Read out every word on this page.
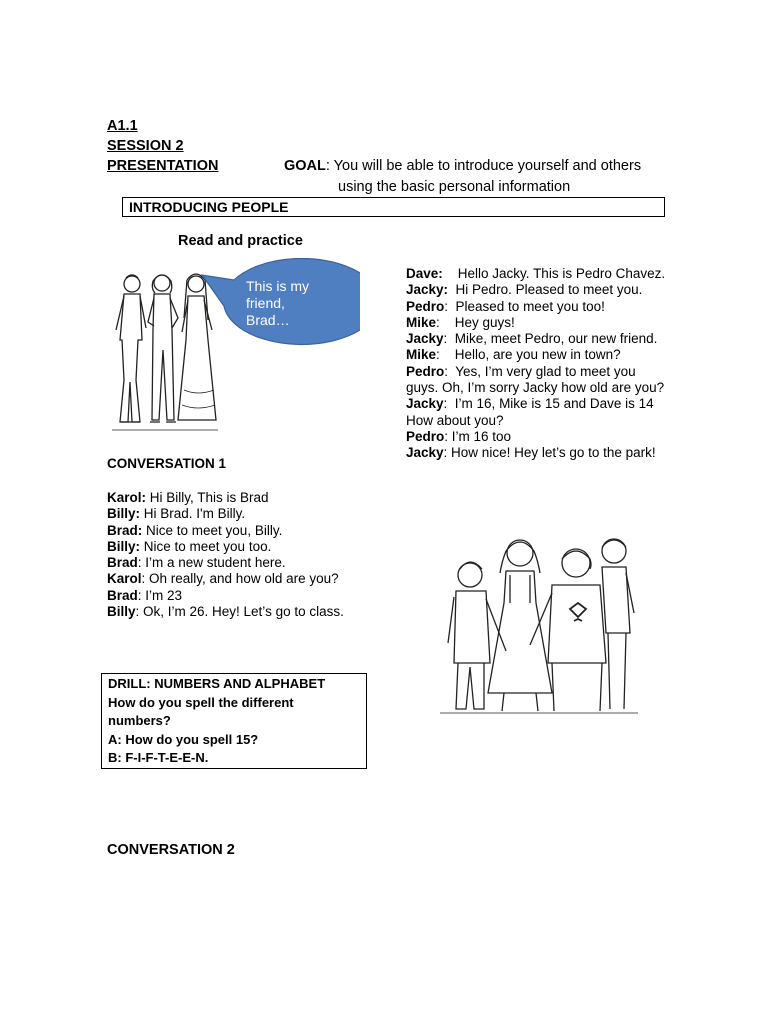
A1.1
SESSION 2
PRESENTATION	GOAL: You will be able to introduce yourself and others
using the basic personal information
INTRODUCING PEOPLE
Read and practice
This is my
friend,
Brad…
CONVERSATION 1
Karol: Hi Billy, This is Brad
Billy: Hi Brad. I'm Billy.
Brad: Nice to meet you, Billy.
Billy: Nice to meet you too.
Brad: I’m a new student here.
Karol: Oh really, and how old are you?
Brad: I’m 23
Billy: Ok, I’m 26. Hey! Let’s go to class.

Dave:    Hello Jacky. This is Pedro Chavez.

Jacky:  Hi Pedro. Pleased to meet you.

Pedro:  Pleased to meet you too!

Mike:    Hey guys!

Jacky:  Mike, meet Pedro, our new friend.

Mike:    Hello, are you new in town?

Pedro:  Yes, I’m very glad to meet you guys. Oh, I’m sorry Jacky how old are you?

Jacky:  I’m 16, Mike is 15 and Dave is 14 How about you?

Pedro: I’m 16 too

Jacky: How nice! Hey let’s go to the park!

DRILL: NUMBERS AND ALPHABET
How do you spell the different numbers?
A: How do you spell 15?
B: F-I-F-T-E-E-N.
CONVERSATION 2
